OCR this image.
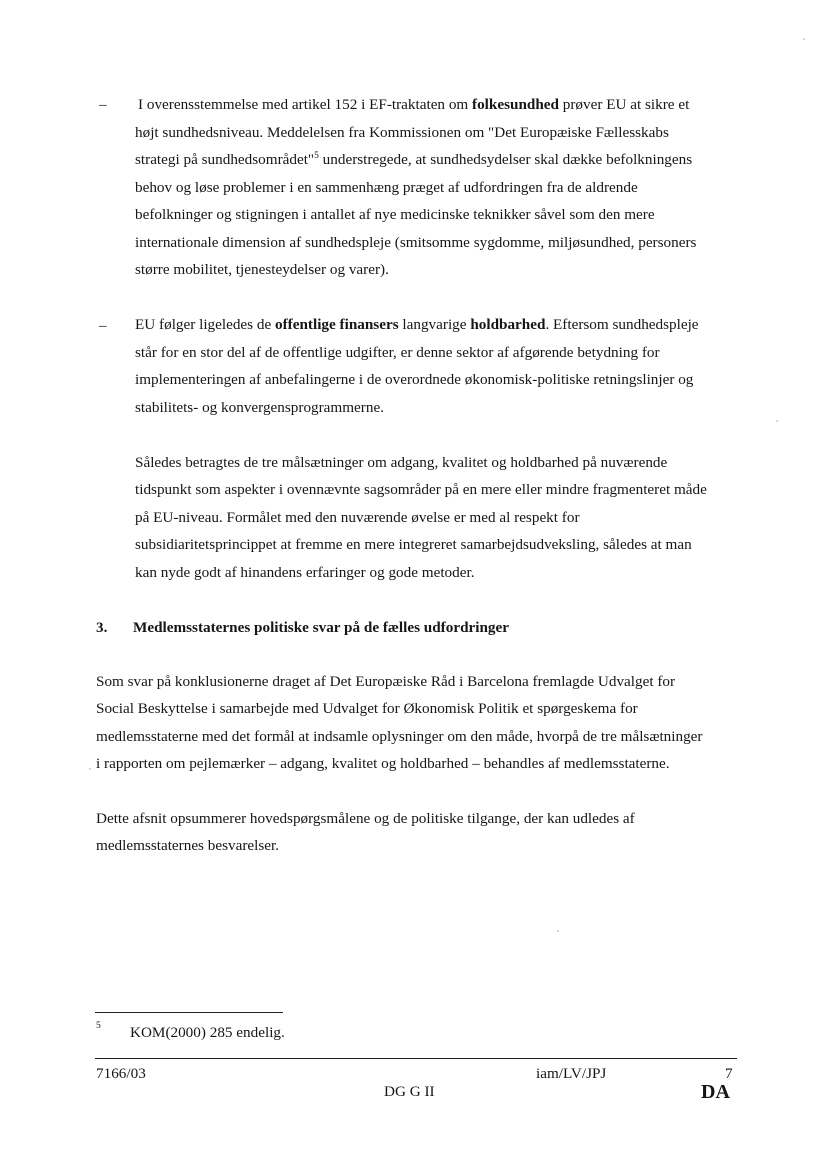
– I overensstemmelse med artikel 152 i EF-traktaten om folkesundhed prøver EU at sikre et
højt sundhedsniveau. Meddelelsen fra Kommissionen om "Det Europæiske Fællesskabs
strategi på sundhedsområdet"$^5$ understregede, at sundhedsydelser skal dække befolkningens
behov og løse problemer i en sammenhæng præget af udfordringen fra de aldrende
befolkninger og stigningen i antallet af nye medicinske teknikker såvel som den mere
internationale dimension af sundhedspleje (smitsomme sygdomme, miljøsundhed, personers
større mobilitet, tjenesteydelser og varer).
– EU følger ligeledes de offentlige finansers langvarige holdbarhed. Eftersom sundhedspleje
står for en stor del af de offentlige udgifter, er denne sektor af afgørende betydning for
implementeringen af anbefalingerne i de overordnede økonomisk-politiske retningslinjer og
stabilitets- og konvergensprogrammerne.
Således betragtes de tre målsætninger om adgang, kvalitet og holdbarhed på nuværende
tidspunkt som aspekter i ovennævnte sagsområder på en mere eller mindre fragmenteret måde
på EU-niveau. Formålet med den nuværende øvelse er med al respekt for
subsidiaritetsprincippet at fremme en mere integreret samarbejdsudveksling, således at man
kan nyde godt af hinandens erfaringer og gode metoder.
3. Medlemsstaternes politiske svar på de fælles udfordringer
Som svar på konklusionerne draget af Det Europæiske Råd i Barcelona fremlagde Udvalget for
Social Beskyttelse i samarbejde med Udvalget for Økonomisk Politik et spørgeskema for
medlemsstaterne med det formål at indsamle oplysninger om den måde, hvorpå de tre målsætninger
i rapporten om pejlemærker – adgang, kvalitet og holdbarhed – behandles af medlemsstaterne.
Dette afsnit opsummerer hovedspørgsmålene og de politiske tilgange, der kan udledes af
medlemsstaternes besvarelser.
5 KOM(2000) 285 endelig.
7166/03	iam/LV/JPJ	7
DG G II	DA
